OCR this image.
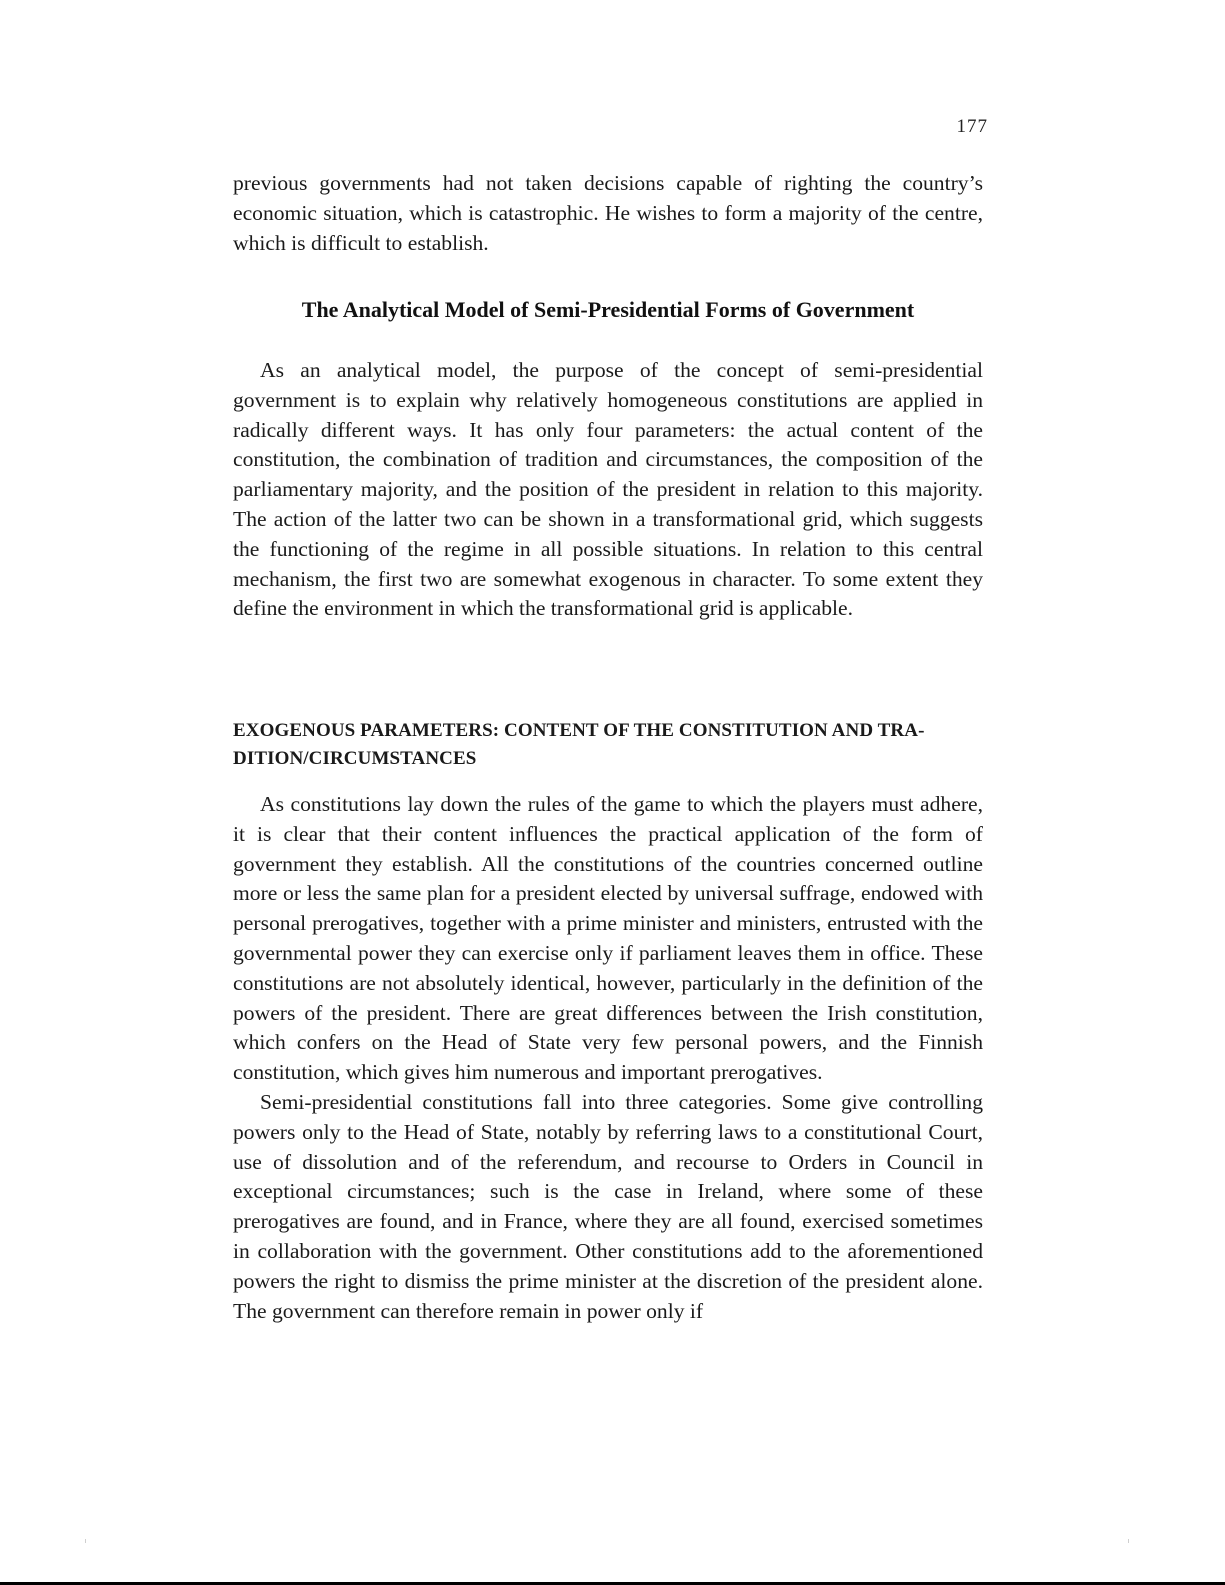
177

previous governments had not taken decisions capable of righting the country’s economic situation, which is catastrophic. He wishes to form a majority of the centre, which is difficult to establish.

The Analytical Model of Semi-Presidential Forms of Government

As an analytical model, the purpose of the concept of semi-presidential government is to explain why relatively homogeneous constitutions are applied in radically different ways. It has only four parameters: the actual content of the constitution, the combination of tradition and circumstances, the composition of the parliamentary majority, and the position of the president in relation to this majority. The action of the latter two can be shown in a transformational grid, which suggests the functioning of the regime in all possible situations. In relation to this central mechanism, the first two are somewhat exogenous in character. To some extent they define the environment in which the transformational grid is applicable.

EXOGENOUS PARAMETERS: CONTENT OF THE CONSTITUTION AND TRADITION/CIRCUMSTANCES

As constitutions lay down the rules of the game to which the players must adhere, it is clear that their content influences the practical application of the form of government they establish. All the constitutions of the countries concerned outline more or less the same plan for a president elected by universal suffrage, endowed with personal prerogatives, together with a prime minister and ministers, entrusted with the governmental power they can exercise only if parliament leaves them in office. These constitutions are not absolutely identical, however, particularly in the definition of the powers of the president. There are great differences between the Irish constitution, which confers on the Head of State very few personal powers, and the Finnish constitution, which gives him numerous and important prerogatives.

Semi-presidential constitutions fall into three categories. Some give controlling powers only to the Head of State, notably by referring laws to a constitutional Court, use of dissolution and of the referendum, and recourse to Orders in Council in exceptional circumstances; such is the case in Ireland, where some of these prerogatives are found, and in France, where they are all found, exercised sometimes in collaboration with the government. Other constitutions add to the aforementioned powers the right to dismiss the prime minister at the discretion of the president alone. The government can therefore remain in power only if
